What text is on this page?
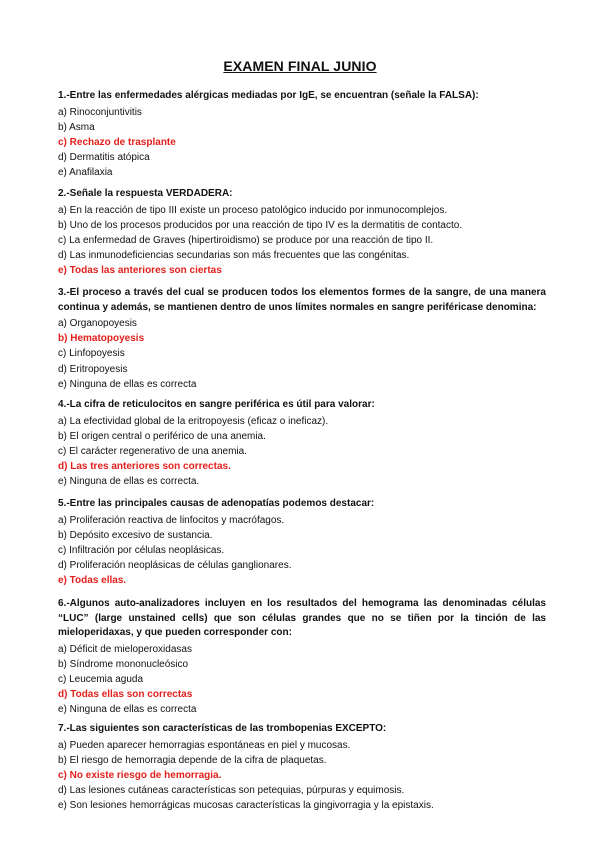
EXAMEN FINAL JUNIO
1.-Entre las enfermedades alérgicas mediadas por IgE, se encuentran (señale la FALSA):
a) Rinoconjuntivitis
b) Asma
c) Rechazo de trasplante
d) Dermatitis atópica
e) Anafilaxia
2.-Señale la respuesta VERDADERA:
a) En la reacción de tipo III existe un proceso patológico inducido por inmunocomplejos.
b) Uno de los procesos producidos por una reacción de tipo IV es la dermatitis de contacto.
c) La enfermedad de Graves (hipertiroidismo) se produce por una reacción de tipo II.
d) Las inmunodeficiencias secundarias son más frecuentes que las congénitas.
e) Todas las anteriores son ciertas
3.-El proceso a través del cual se producen todos los elementos formes de la sangre, de una manera continua y además, se mantienen dentro de unos límites normales en sangre periféricase denomina:
a) Organopoyesis
b) Hematopoyesis
c) Linfopoyesis
d) Eritropoyesis
e) Ninguna de ellas es correcta
4.-La cifra de reticulocitos en sangre periférica es útil para valorar:
a) La efectividad global de la eritropoyesis (eficaz o ineficaz).
b) El origen central o periférico de una anemia.
c) El carácter regenerativo de una anemia.
d) Las tres anteriores son correctas.
e) Ninguna de ellas es correcta.
5.-Entre las principales causas de adenopatías podemos destacar:
a) Proliferación reactiva de linfocitos y macrófagos.
b) Depósito excesivo de sustancia.
c) Infiltración por células neoplásicas.
d) Proliferación neoplásicas de células ganglionares.
e) Todas ellas.
6.-Algunos auto-analizadores incluyen en los resultados del hemograma las denominadas células “LUC” (large unstained cells) que son células grandes que no se tiñen por la tinción de las mieloperidaxas, y que pueden corresponder con:
a) Déficit de mieloperoxidasas
b) Síndrome mononucleósico
c) Leucemia aguda
d) Todas ellas son correctas
e) Ninguna de ellas es correcta
7.-Las siguientes son características de las trombopenias EXCEPTO:
a) Pueden aparecer hemorragias espontáneas en piel y mucosas.
b) El riesgo de hemorragia depende de la cifra de plaquetas.
c) No existe riesgo de hemorragia.
d) Las lesiones cutáneas características son petequias, púrpuras y equimosis.
e) Son lesiones hemorrágicas mucosas características la gingivorragia y la epistaxis.
